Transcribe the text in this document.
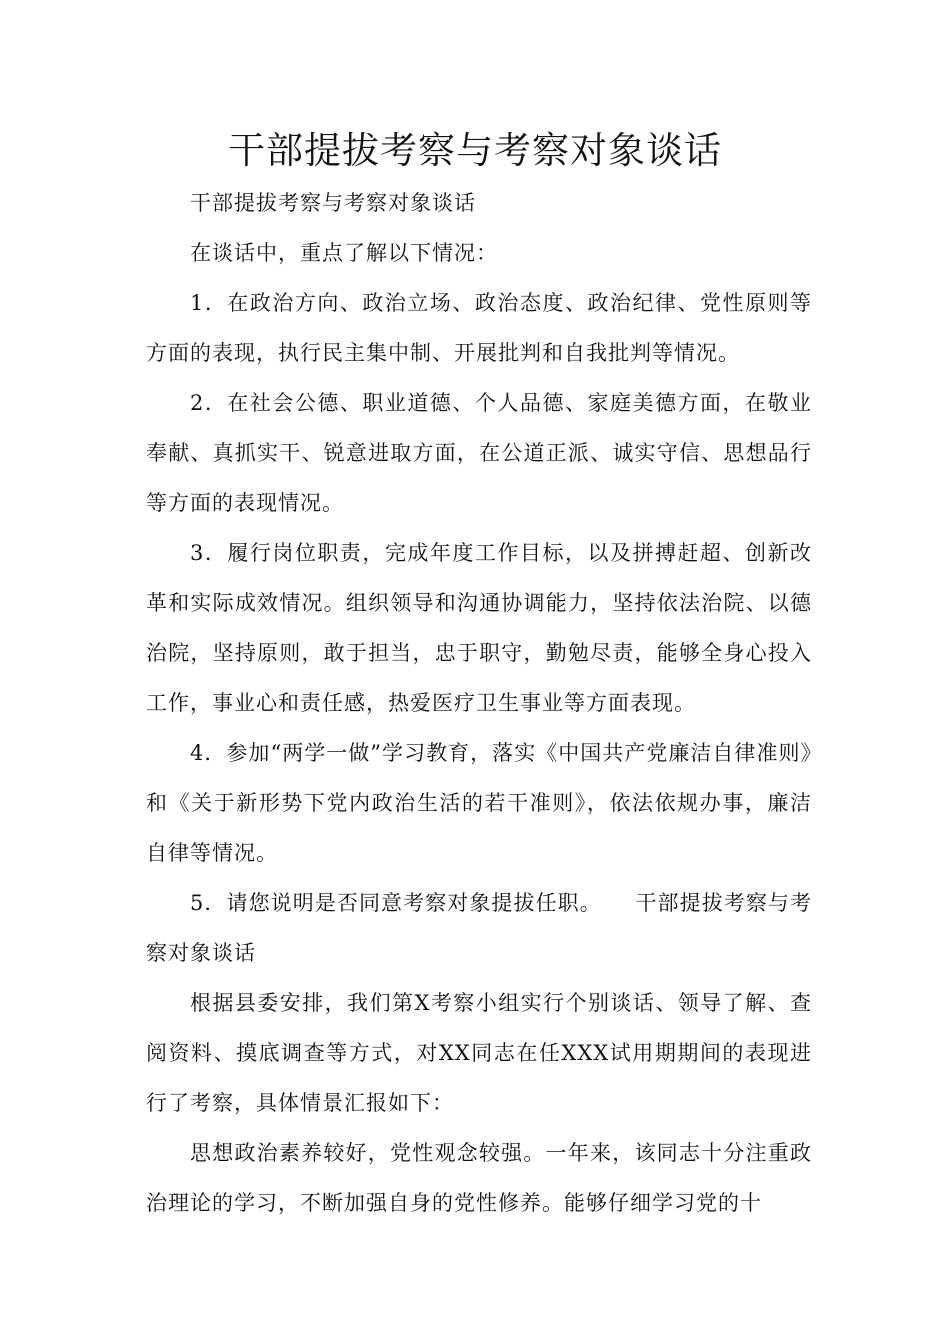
干部提拔考察与考察对象谈话

干部提拔考察与考察对象谈话

在谈话中，重点了解以下情况：

1．在政治方向、政治立场、政治态度、政治纪律、党性原则等方面的表现，执行民主集中制、开展批判和自我批判等情况。

2．在社会公德、职业道德、个人品德、家庭美德方面，在敬业奉献、真抓实干、锐意进取方面，在公道正派、诚实守信、思想品行等方面的表现情况。

3．履行岗位职责，完成年度工作目标，以及拼搏赶超、创新改革和实际成效情况。组织领导和沟通协调能力，坚持依法治院、以德治院，坚持原则，敢于担当，忠于职守，勤勉尽责，能够全身心投入工作，事业心和责任感，热爱医疗卫生事业等方面表现。

4．参加“两学一做”学习教育，落实《中国共产党廉洁自律准则》和《关于新形势下党内政治生活的若干准则》，依法依规办事，廉洁自律等情况。

5．请您说明是否同意考察对象提拔任职。　　干部提拔考察与考察对象谈话

根据县委安排，我们第X考察小组实行个别谈话、领导了解、查阅资料、摸底调查等方式，对XX同志在任XXX试用期期间的表现进行了考察，具体情景汇报如下：

思想政治素养较好，党性观念较强。一年来，该同志十分注重政治理论的学习，不断加强自身的党性修养。能够仔细学习党的十
